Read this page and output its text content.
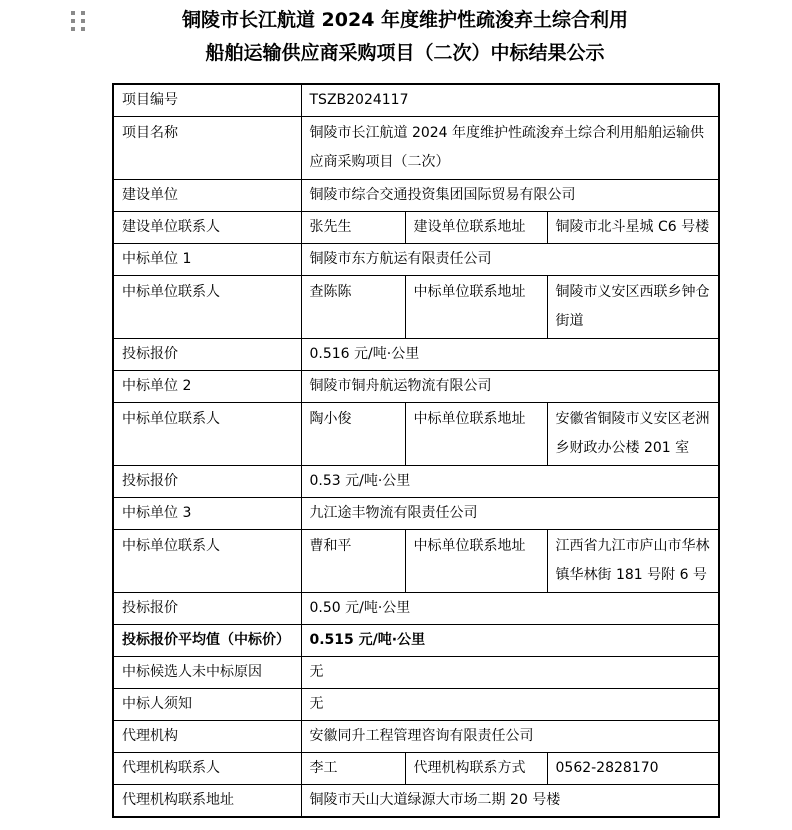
铜陵市长江航道 2024 年度维护性疏浚弃土综合利用
船舶运输供应商采购项目（二次）中标结果公示
项目编号	TSZB2024117		
项目名称	铜陵市长江航道 2024 年度维护性疏浚弃土综合利用船舶运输供应商采购项目（二次）		
建设单位	铜陵市综合交通投资集团国际贸易有限公司		
建设单位联系人	张先生	建设单位联系地址	铜陵市北斗星城 C6 号楼
中标单位 1	铜陵市东方航运有限责任公司		
中标单位联系人	查陈陈	中标单位联系地址	铜陵市义安区西联乡钟仓街道
投标报价	0.516 元/吨·公里		
中标单位 2	铜陵市铜舟航运物流有限公司		
中标单位联系人	陶小俊	中标单位联系地址	安徽省铜陵市义安区老洲乡财政办公楼 201 室
投标报价	0.53 元/吨·公里		
中标单位 3	九江途丰物流有限责任公司		
中标单位联系人	曹和平	中标单位联系地址	江西省九江市庐山市华林镇华林街 181 号附 6 号
投标报价	0.50 元/吨·公里		
投标报价平均值（中标价）	0.515 元/吨·公里		
中标候选人未中标原因	无		
中标人须知	无		
代理机构	安徽同升工程管理咨询有限责任公司		
代理机构联系人	李工	代理机构联系方式	0562-2828170
代理机构联系地址	铜陵市天山大道绿源大市场二期 20 号楼		
